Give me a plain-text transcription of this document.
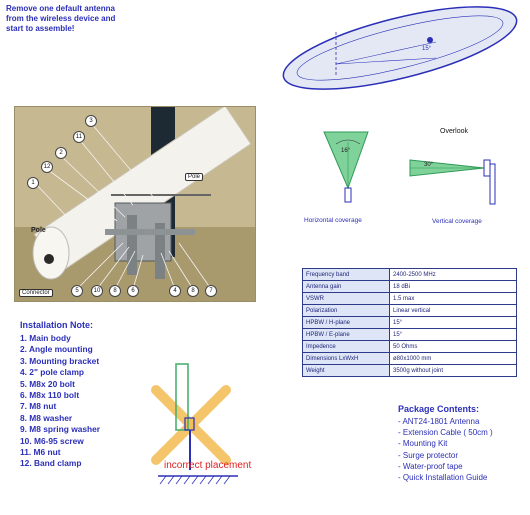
Remove one default antenna
from the wireless device and
start to assemble!
15°
Overlook
16°
Horizontal coverage
30°
Vertical coverage
3
11
2
12
1
5	10	8	6	4	8	7
Pole
Pole
Connector
Installation Note:
1. Main body
2. Angle mounting
3. Mounting bracket
4. 2" pole clamp
5. M8x 20 bolt
6. M8x 110 bolt
7. M8 nut
8. M8 washer
9. M8 spring washer
10. M6-95 screw
11. M6 nut
12. Band clamp
Frequency band	2400-2500 MHz
Antenna gain	18 dBi
VSWR	1.5 max
Polarization	Linear vertical
HPBW / H-plane	15°
HPBW / E-plane	15°
Impedence	50 Ohms
Dimensions LxWxH	ø80x1000 mm
Weight	3500g without joint
incorrect placement
Package Contents:
- ANT24-1801 Antenna
- Extension Cable ( 50cm )
- Mounting Kit
- Surge protector
- Water-proof tape
- Quick Installation Guide
